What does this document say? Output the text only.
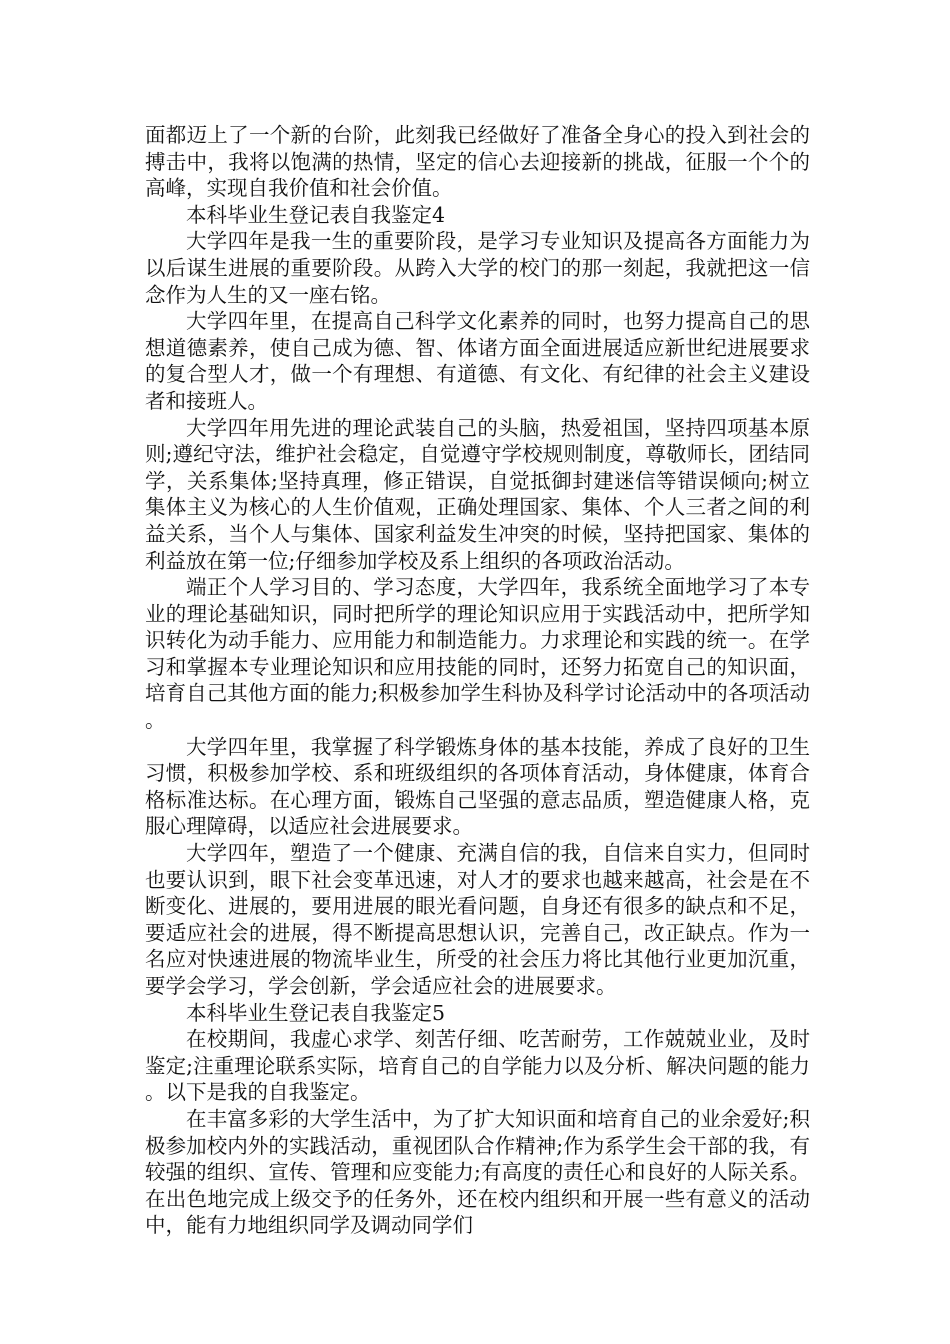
面都迈上了一个新的台阶，此刻我已经做好了准备全身心的投入到社会的搏击中，我将以饱满的热情，坚定的信心去迎接新的挑战，征服一个个的高峰，实现自我价值和社会价值。

本科毕业生登记表自我鉴定4

大学四年是我一生的重要阶段，是学习专业知识及提高各方面能力为以后谋生进展的重要阶段。从跨入大学的校门的那一刻起，我就把这一信念作为人生的又一座右铭。

大学四年里，在提高自己科学文化素养的同时，也努力提高自己的思想道德素养，使自己成为德、智、体诸方面全面进展适应新世纪进展要求的复合型人才，做一个有理想、有道德、有文化、有纪律的社会主义建设者和接班人。

大学四年用先进的理论武装自己的头脑，热爱祖国，坚持四项基本原则;遵纪守法，维护社会稳定，自觉遵守学校规则制度，尊敬师长，团结同学，关系集体;坚持真理，修正错误，自觉抵御封建迷信等错误倾向;树立集体主义为核心的人生价值观，正确处理国家、集体、个人三者之间的利益关系，当个人与集体、国家利益发生冲突的时候，坚持把国家、集体的利益放在第一位;仔细参加学校及系上组织的各项政治活动。

端正个人学习目的、学习态度，大学四年，我系统全面地学习了本专业的理论基础知识，同时把所学的理论知识应用于实践活动中，把所学知识转化为动手能力、应用能力和制造能力。力求理论和实践的统一。在学习和掌握本专业理论知识和应用技能的同时，还努力拓宽自己的知识面，培育自己其他方面的能力;积极参加学生科协及科学讨论活动中的各项活动。

大学四年里，我掌握了科学锻炼身体的基本技能，养成了良好的卫生习惯，积极参加学校、系和班级组织的各项体育活动，身体健康，体育合格标准达标。在心理方面，锻炼自己坚强的意志品质，塑造健康人格，克服心理障碍，以适应社会进展要求。

大学四年，塑造了一个健康、充满自信的我，自信来自实力，但同时也要认识到，眼下社会变革迅速，对人才的要求也越来越高，社会是在不断变化、进展的，要用进展的眼光看问题，自身还有很多的缺点和不足，要适应社会的进展，得不断提高思想认识，完善自己，改正缺点。作为一名应对快速进展的物流毕业生，所受的社会压力将比其他行业更加沉重，要学会学习，学会创新，学会适应社会的进展要求。

本科毕业生登记表自我鉴定5

在校期间，我虚心求学、刻苦仔细、吃苦耐劳，工作兢兢业业，及时鉴定;注重理论联系实际，培育自己的自学能力以及分析、解决问题的能力。以下是我的自我鉴定。

在丰富多彩的大学生活中，为了扩大知识面和培育自己的业余爱好;积极参加校内外的实践活动，重视团队合作精神;作为系学生会干部的我，有较强的组织、宣传、管理和应变能力;有高度的责任心和良好的人际关系。在出色地完成上级交予的任务外，还在校内组织和开展一些有意义的活动中，能有力地组织同学及调动同学们
